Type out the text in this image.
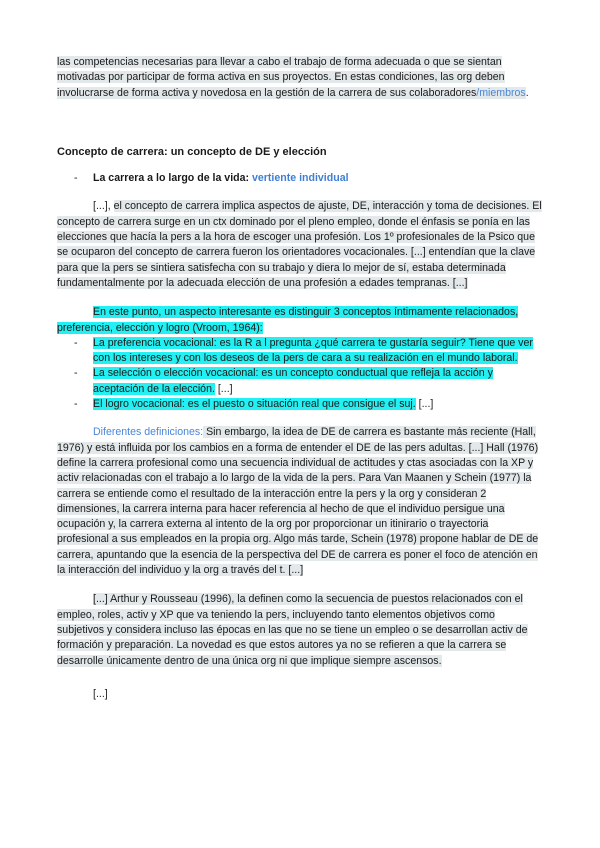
las competencias necesarias para llevar a cabo el trabajo de forma adecuada o que se sientan motivadas por participar de forma activa en sus proyectos. En estas condiciones, las org deben involucrarse de forma activa y novedosa en la gestión de la carrera de sus colaboradores/miembros.

Concepto de carrera: un concepto de DE y elección

- La carrera a lo largo de la vida: vertiente individual

[...], el concepto de carrera implica aspectos de ajuste, DE, interacción y toma de decisiones. El concepto de carrera surge en un ctx dominado por el pleno empleo, donde el énfasis se ponía en las elecciones que hacía la pers a la hora de escoger una profesión. Los 1º profesionales de la Psico que se ocuparon del concepto de carrera fueron los orientadores vocacionales. [...] entendían que la clave para que la pers se sintiera satisfecha con su trabajo y diera lo mejor de sí, estaba determinada fundamentalmente por la adecuada elección de una profesión a edades tempranas. [...]

En este punto, un aspecto interesante es distinguir 3 conceptos íntimamente relacionados, preferencia, elección y logro (Vroom, 1964):

- La preferencia vocacional: es la R a l pregunta ¿qué carrera te gustaría seguir? Tiene que ver con los intereses y con los deseos de la pers de cara a su realización en el mundo laboral.
- La selección o elección vocacional: es un concepto conductual que refleja la acción y aceptación de la elección. [...]
- El logro vocacional: es el puesto o situación real que consigue el suj. [...]

Diferentes definiciones: Sin embargo, la idea de DE de carrera es bastante más reciente (Hall, 1976) y está influida por los cambios en a forma de entender el DE de las pers adultas. [...] Hall (1976) define la carrera profesional como una secuencia individual de actitudes y ctas asociadas con la XP y activ relacionadas con el trabajo a lo largo de la vida de la pers. Para Van Maanen y Schein (1977) la carrera se entiende como el resultado de la interacción entre la pers y la org y consideran 2 dimensiones, la carrera interna para hacer referencia al hecho de que el individuo persigue una ocupación y, la carrera externa al intento de la org por proporcionar un itinirario o trayectoria profesional a sus empleados en la propia org. Algo más tarde, Schein (1978) propone hablar de DE de carrera, apuntando que la esencia de la perspectiva del DE de carrera es poner el foco de atención en la interacción del individuo y la org a través del t. [...]

[...] Arthur y Rousseau (1996), la definen como la secuencia de puestos relacionados con el empleo, roles, activ y XP que va teniendo la pers, incluyendo tanto elementos objetivos como subjetivos y considera incluso las épocas en las que no se tiene un empleo o se desarrollan activ de formación y preparación. La novedad es que estos autores ya no se refieren a que la carrera se desarrolle únicamente dentro de una única org ni que implique siempre ascensos.

[...]
